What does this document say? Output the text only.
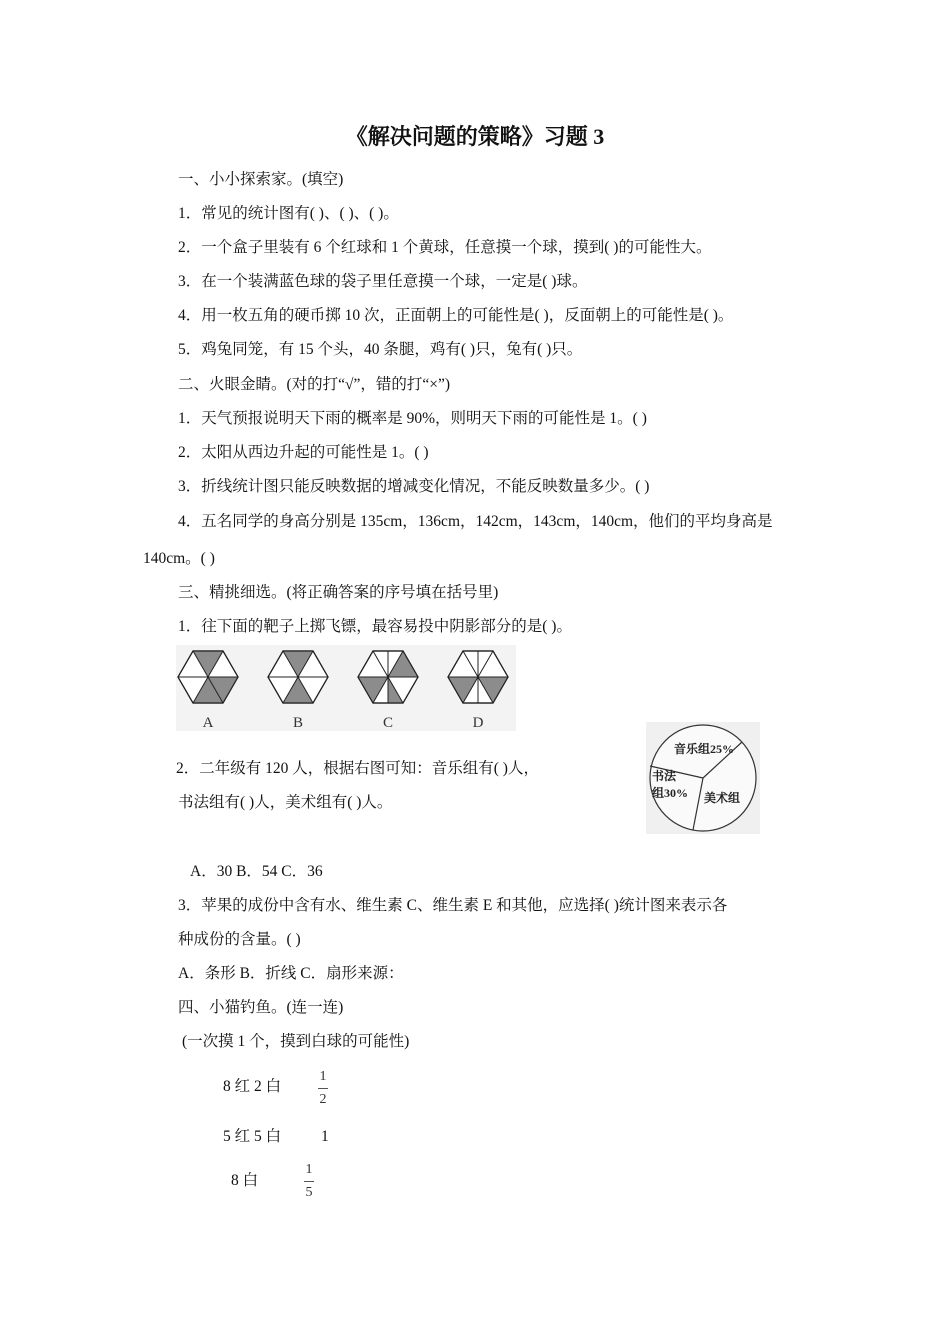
《解决问题的策略》习题 3
一、小小探索家。(填空)
1．常见的统计图有( )、( )、( )。
2．一个盒子里装有 6 个红球和 1 个黄球，任意摸一个球，摸到( )的可能性大。
3．在一个装满蓝色球的袋子里任意摸一个球，一定是( )球。
4．用一枚五角的硬币掷 10 次，正面朝上的可能性是( )，反面朝上的可能性是( )。
5．鸡兔同笼，有 15 个头，40 条腿，鸡有( )只，兔有( )只。
二、火眼金睛。(对的打“√”，错的打“×”)
1．天气预报说明天下雨的概率是 90%，则明天下雨的可能性是 1。( )
2．太阳从西边升起的可能性是 1。( )
3．折线统计图只能反映数据的增减变化情况，不能反映数量多少。( )
4．五名同学的身高分别是 135cm，136cm，142cm，143cm，140cm，他们的平均身高是
140cm。( )
三、精挑细选。(将正确答案的序号填在括号里)
1．往下面的靶子上掷飞镖，最容易投中阴影部分的是( )。
A	B	C	D
2．二年级有 120 人，根据右图可知：音乐组有( )人，
书法组有( )人，美术组有( )人。
音乐组25%
书法
组30% 美术组
A．30 B．54 C．36
3．苹果的成份中含有水、维生素 C、维生素 E 和其他，应选择( )统计图来表示各
种成份的含量。( )
A．条形 B．折线 C．扇形来源：
四、小猫钓鱼。(连一连)
(一次摸 1 个，摸到白球的可能性)
8 红 2 白
5 红 5 白
8 白
1
2
1
1
5
